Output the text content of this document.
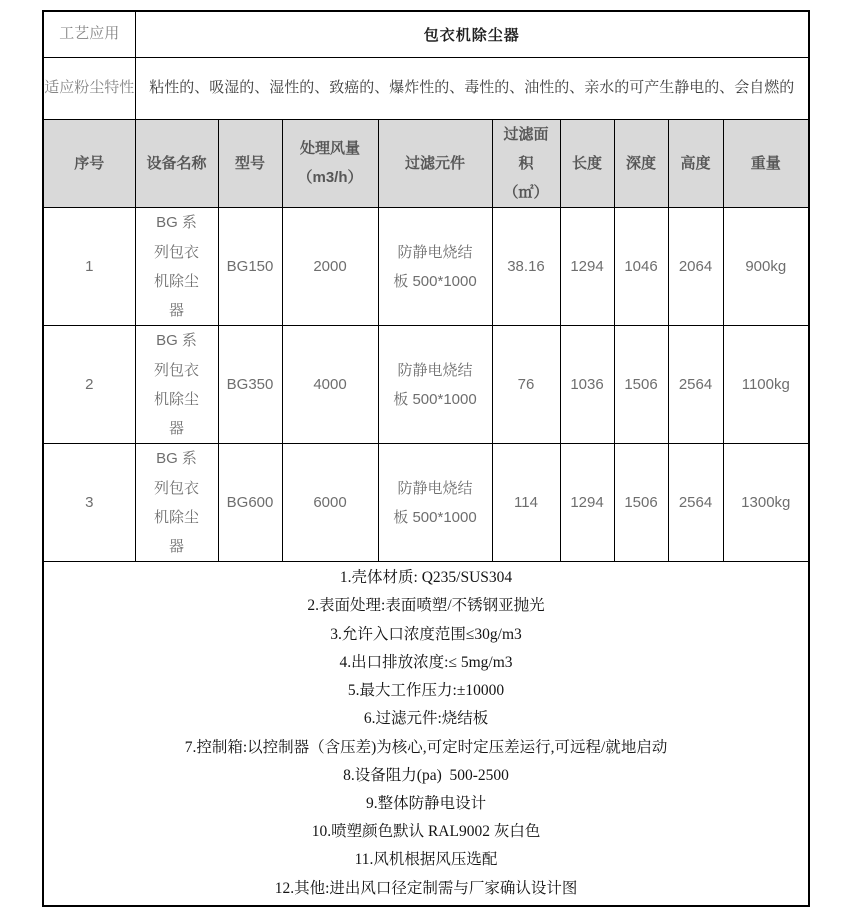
工艺应用	包衣机除尘器								
适应粉尘特性	粘性的、吸湿的、湿性的、致癌的、爆炸性的、毒性的、油性的、亲水的可产生静电的、会自燃的								
序号	设备名称	型号	处理风量（m3/h）	过滤元件	过滤面积（㎡）	长度	深度	高度	重量
1	BG 系列包衣机除尘器	BG150	2000	防静电烧结板 500*1000	38.16	1294	1046	2064	900kg
2	BG 系列包衣机除尘器	BG350	4000	防静电烧结板 500*1000	76	1036	1506	2564	1100kg
3	BG 系列包衣机除尘器	BG600	6000	防静电烧结板 500*1000	114	1294	1506	2564	1300kg

1.壳体材质: Q235/SUS304
2.表面处理:表面喷塑/不锈钢亚抛光
3.允许入口浓度范围≤30g/m3
4.出口排放浓度:≤ 5mg/m3
5.最大工作压力:±10000
6.过滤元件:烧结板
7.控制箱:以控制器（含压差)为核心,可定时定压差运行,可远程/就地启动
8.设备阻力(pa)  500-2500
9.整体防静电设计
10.喷塑颜色默认 RAL9002 灰白色
11.风机根据风压选配
12.其他:进出风口径定制需与厂家确认设计图
